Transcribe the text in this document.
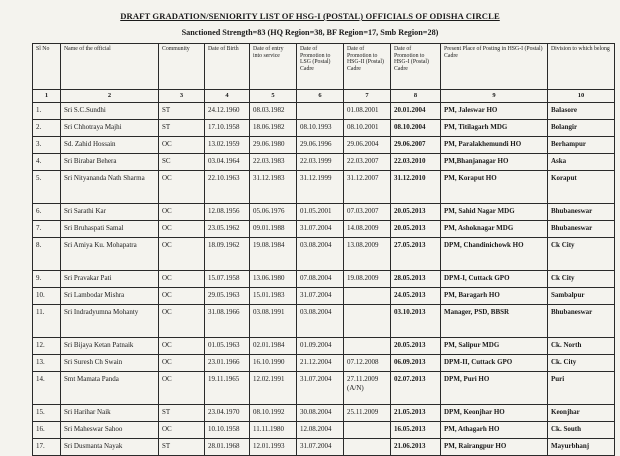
DRAFT GRADATION/SENIORITY LIST OF HSG-I (POSTAL) OFFICIALS OF ODISHA CIRCLE
Sanctioned Strength=83 (HQ Region=38, BF Region=17, Smb Region=28)
Sl No	Name of the official	Community	Date of Birth	Date of entry into service	Date of Promotion to LSG (Postal) Cadre	Date of Promotion to HSG-II (Postal) Cadre	Date of Promotion to HSG-I (Postal) Cadre	Present Place of Posting in HSG-I (Postal) Cadre	Division to which belong
1	2	3	4	5	6	7	8	9	10
1.	Sri S.C.Sundhi	ST	24.12.1960	08.03.1982		01.08.2001	20.01.2004	PM, Jaleswar HO	Balasore
2.	Sri Chhotraya Majhi	ST	17.10.1958	18.06.1982	08.10.1993	08.10.2001	08.10.2004	PM, Titilagarh MDG	Bolangir
3.	Sd. Zahid Hossain	OC	13.02.1959	29.06.1980	29.06.1996	29.06.2004	29.06.2007	PM, Paralakhemundi HO	Berhampur
4.	Sri Birabar Behera	SC	03.04.1964	22.03.1983	22.03.1999	22.03.2007	22.03.2010	PM,Bhanjanagar HO	Aska
5.	Sri Nityananda Nath Sharma	OC	22.10.1963	31.12.1983	31.12.1999	31.12.2007	31.12.2010	PM, Koraput HO	Koraput
6.	Sri Sarathi Kar	OC	12.08.1956	05.06.1976	01.05.2001	07.03.2007	20.05.2013	PM, Sahid Nagar MDG	Bhubaneswar
7.	Sri Bruhaspati Samal	OC	23.05.1962	09.01.1988	31.07.2004	14.08.2009	20.05.2013	PM, Ashoknagar MDG	Bhubaneswar
8.	Sri Amiya Ku. Mohapatra	OC	18.09.1962	19.08.1984	03.08.2004	13.08.2009	27.05.2013	DPM, Chandinichowk HO	Ck City
9.	Sri Pravakar Pati	OC	15.07.1958	13.06.1980	07.08.2004	19.08.2009	28.05.2013	DPM-I, Cuttack GPO	Ck City
10.	Sri Lambodar Mishra	OC	29.05.1963	15.01.1983	31.07.2004		24.05.2013	PM, Baragarh HO	Sambalpur
11.	Sri Indradyumna Mohanty	OC	31.08.1966	03.08.1991	03.08.2004		03.10.2013	Manager, PSD, BBSR	Bhubaneswar
12.	Sri Bijaya Ketan Patnaik	OC	01.05.1963	02.01.1984	01.09.2004		20.05.2013	PM, Salipur MDG	Ck. North
13.	Sri Suresh Ch Swain	OC	23.01.1966	16.10.1990	21.12.2004	07.12.2008	06.09.2013	DPM-II, Cuttack GPO	Ck. City
14.	Smt Mamata Panda	OC	19.11.1965	12.02.1991	31.07.2004	27.11.2009 (A/N)	02.07.2013	DPM, Puri HO	Puri
15.	Sri Harihar Naik	ST	23.04.1970	08.10.1992	30.08.2004	25.11.2009	21.05.2013	DPM, Keonjhar HO	Keonjhar
16.	Sri Maheswar Sahoo	OC	10.10.1958	11.11.1980	12.08.2004		16.05.2013	PM, Athagarh HO	Ck. South
17.	Sri Dusmanta Nayak	ST	28.01.1968	12.01.1993	31.07.2004		21.06.2013	PM, Rairangpur HO	Mayurbhanj
